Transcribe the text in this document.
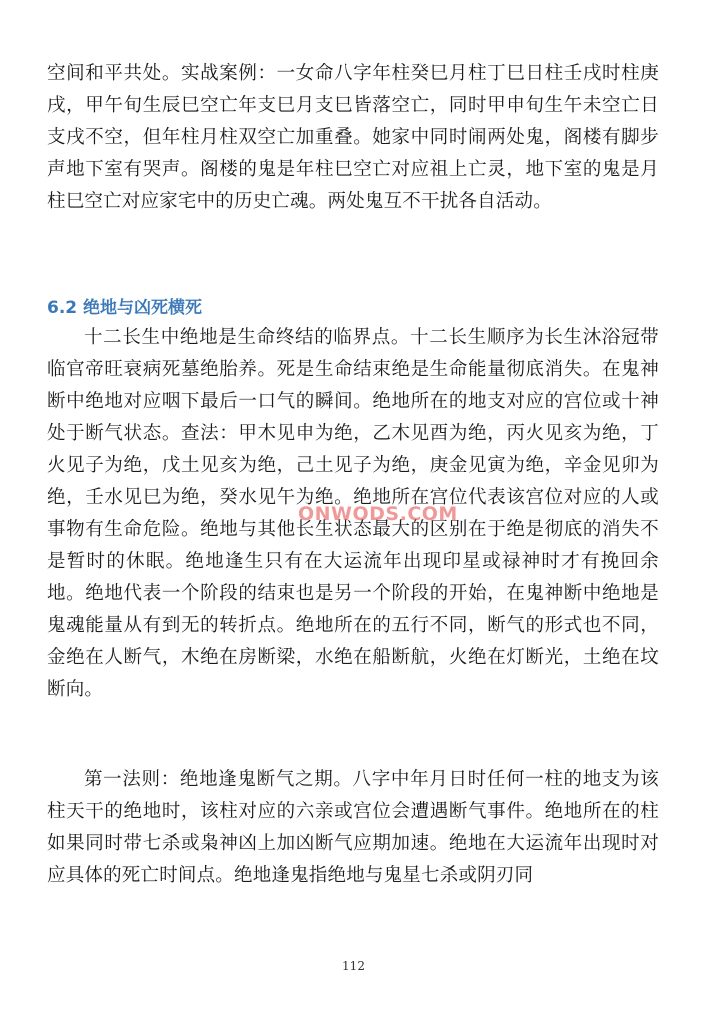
空间和平共处。实战案例：一女命八字年柱癸巳月柱丁巳日柱壬戌时柱庚戌，甲午旬生辰巳空亡年支巳月支巳皆落空亡，同时甲申旬生午未空亡日支戌不空，但年柱月柱双空亡加重叠。她家中同时闹两处鬼，阁楼有脚步声地下室有哭声。阁楼的鬼是年柱巳空亡对应祖上亡灵，地下室的鬼是月柱巳空亡对应家宅中的历史亡魂。两处鬼互不干扰各自活动。
6.2 绝地与凶死横死
十二长生中绝地是生命终结的临界点。十二长生顺序为长生沐浴冠带临官帝旺衰病死墓绝胎养。死是生命结束绝是生命能量彻底消失。在鬼神断中绝地对应咽下最后一口气的瞬间。绝地所在的地支对应的宫位或十神处于断气状态。查法：甲木见申为绝，乙木见酉为绝，丙火见亥为绝，丁火见子为绝，戊土见亥为绝，己土见子为绝，庚金见寅为绝，辛金见卯为绝，壬水见巳为绝，癸水见午为绝。绝地所在宫位代表该宫位对应的人或事物有生命危险。绝地与其他长生状态最大的区别在于绝是彻底的消失不是暂时的休眠。绝地逢生只有在大运流年出现印星或禄神时才有挽回余地。绝地代表一个阶段的结束也是另一个阶段的开始，在鬼神断中绝地是鬼魂能量从有到无的转折点。绝地所在的五行不同，断气的形式也不同，金绝在人断气，木绝在房断梁，水绝在船断航，火绝在灯断光，土绝在坟断向。
第一法则：绝地逢鬼断气之期。八字中年月日时任何一柱的地支为该柱天干的绝地时，该柱对应的六亲或宫位会遭遇断气事件。绝地所在的柱如果同时带七杀或枭神凶上加凶断气应期加速。绝地在大运流年出现时对应具体的死亡时间点。绝地逢鬼指绝地与鬼星七杀或阴刃同
ONWODS.COM
112
